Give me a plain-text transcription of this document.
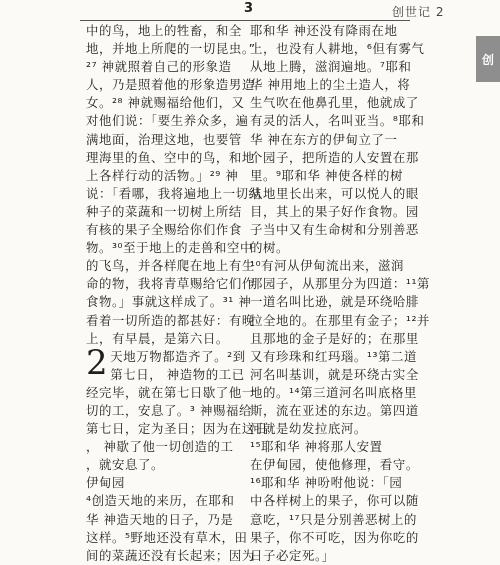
3	创世记 2
创
中的鸟，地上的牲畜，和全
地，并地上所爬的一切昆虫。”
²⁷ 神就照着自己的形象造
人，乃是照着他的形象造男造
女。²⁸ 神就赐福给他们，又
对他们说：「要生养众多，遍
满地面，治理这地，也要管
理海里的鱼、空中的鸟，和地
上各样行动的活物。」²⁹ 神
说：「看哪，我将遍地上一切结
种子的菜蔬和一切树上所结
有核的果子全赐给你们作食
物。³⁰至于地上的走兽和空中
的飞鸟，并各样爬在地上有生
命的物，我将青草赐给它们作
食物。」事就这样成了。³¹ 神
看着一切所造的都甚好：有晚
上，有早晨，是第六日。
2 天地万物都造齐了。²到
第七日， 神造物的工已
经完毕，就在第七日歇了他一
切的工，安息了。³ 神赐福给
第七日，定为圣日；因为在这日
， 神歇了他一切创造的工
，就安息了。
伊甸园
⁴创造天地的来历，在耶和
华 神造天地的日子，乃是
这样。⁵野地还没有草木，田
间的菜蔬还没有长起来；因为
耶和华 神还没有降雨在地
上，也没有人耕地，⁶但有雾气
从地上腾，滋润遍地。⁷耶和
华 神用地上的尘土造人，将
生气吹在他鼻孔里，他就成了
有灵的活人，名叫亚当。⁸耶和
华 神在东方的伊甸立了一
个园子，把所造的人安置在那
里。⁹耶和华 神使各样的树
从地里长出来，可以悦人的眼
目，其上的果子好作食物。园
子当中又有生命树和分别善恶
的树。
¹⁰有河从伊甸流出来，滋润
那园子，从那里分为四道：¹¹第
一道名叫比逊，就是环绕哈腓
拉全地的。在那里有金子；¹²并
且那地的金子是好的；在那里
又有珍珠和红玛瑙。¹³第二道
河名叫基训，就是环绕古实全
地的。¹⁴第三道河名叫底格里
斯，流在亚述的东边。第四道
河就是幼发拉底河。
¹⁵耶和华 神将那人安置
在伊甸园，使他修理，看守。
¹⁶耶和华 神吩咐他说：「园
中各样树上的果子，你可以随
意吃，¹⁷只是分别善恶树上的
果子，你不可吃，因为你吃的
日子必定死。」
